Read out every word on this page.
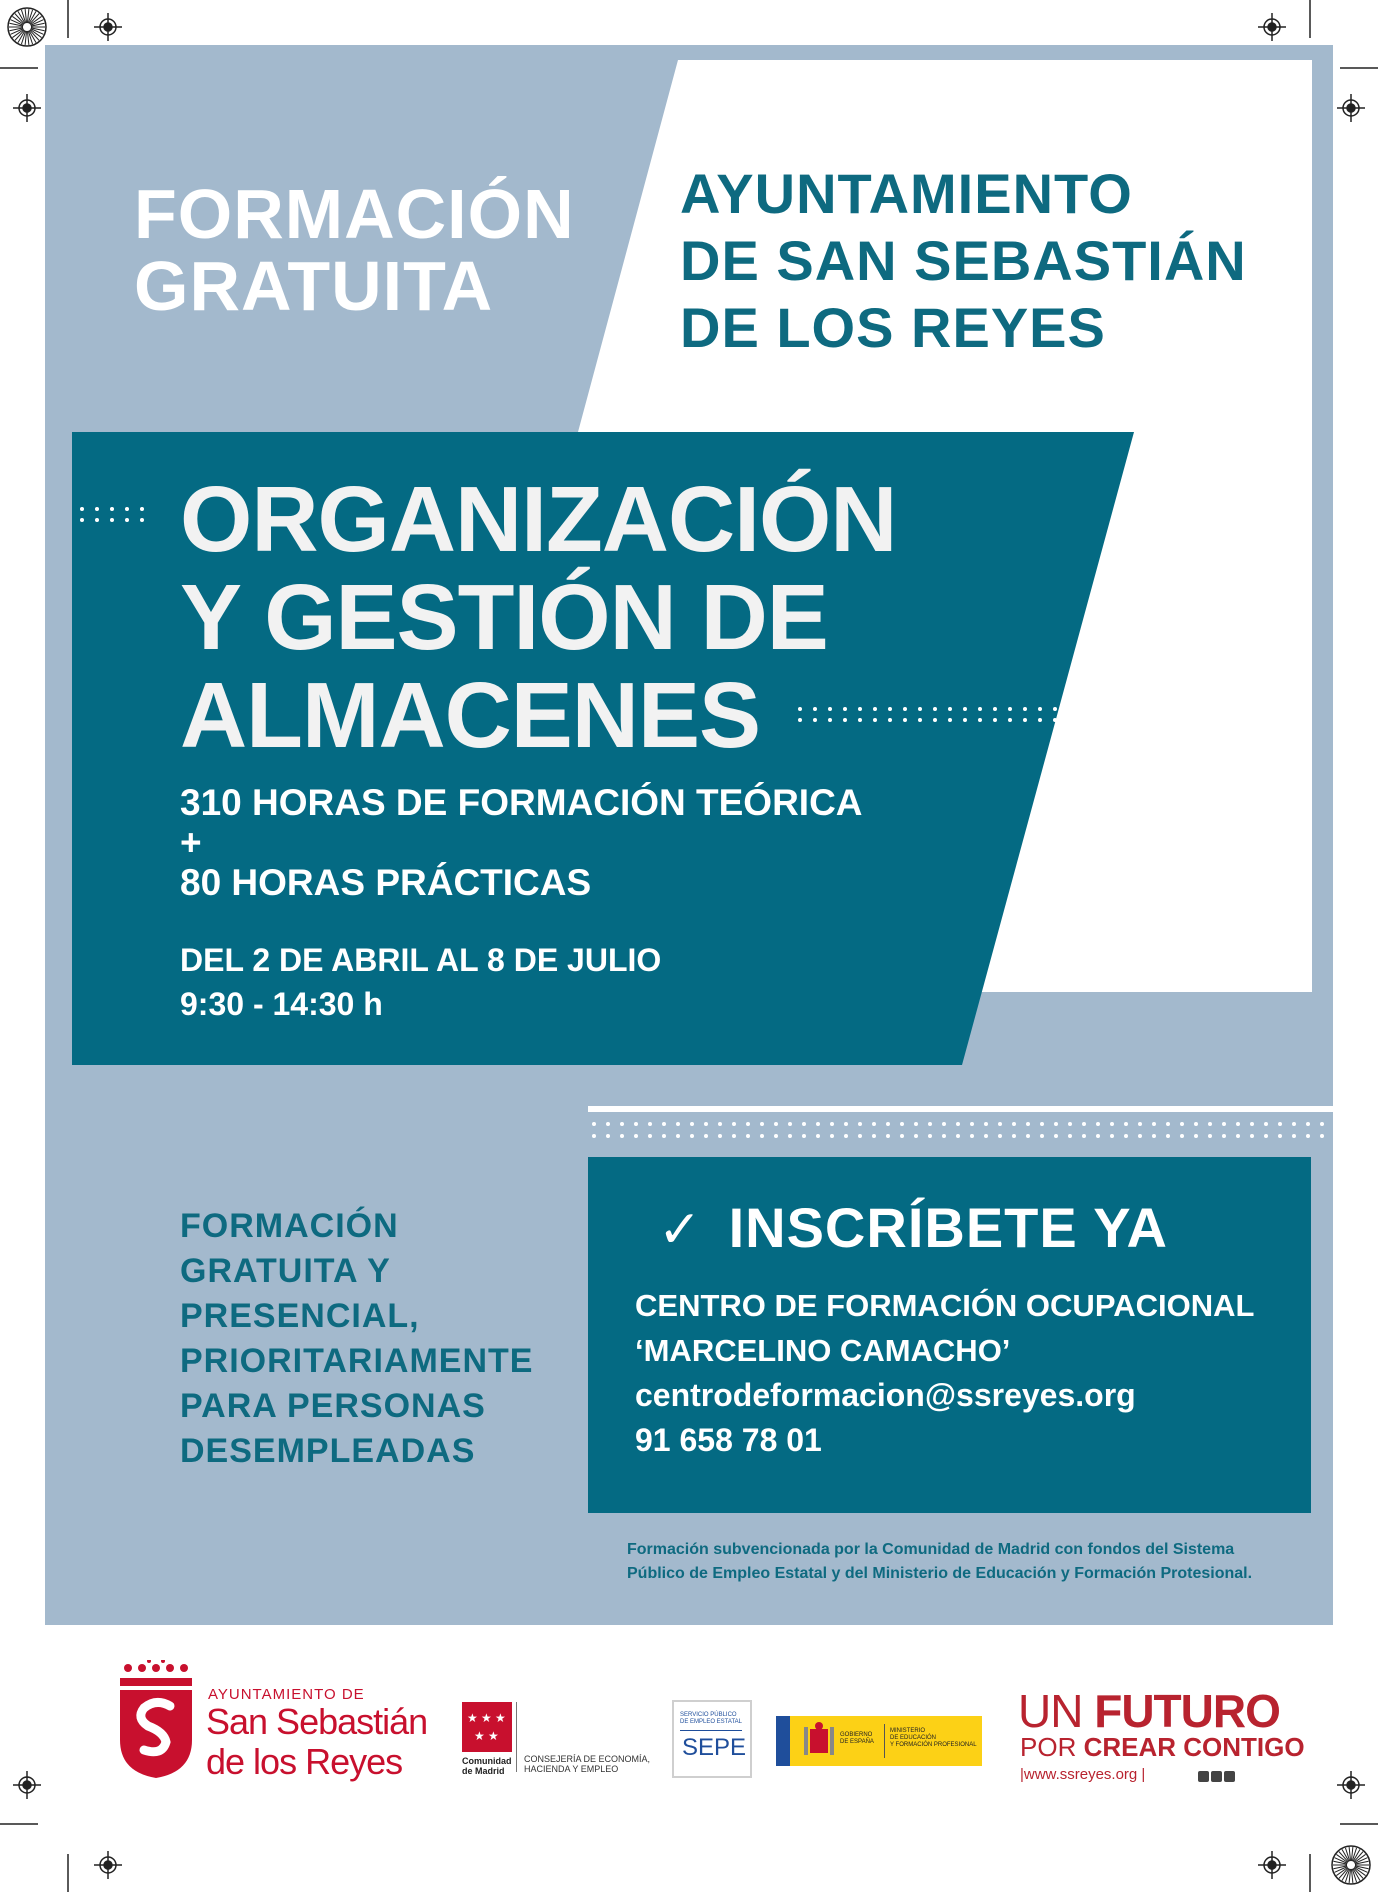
FORMACIÓN
GRATUITA
AYUNTAMIENTO
DE SAN SEBASTIÁN
DE LOS REYES
ORGANIZACIÓN
Y GESTIÓN DE
ALMACENES
310 HORAS DE FORMACIÓN TEÓRICA
+
80 HORAS PRÁCTICAS
DEL 2 DE ABRIL AL 8 DE JULIO
9:30 - 14:30 h
FORMACIÓN
GRATUITA Y
PRESENCIAL,
PRIORITARIAMENTE
PARA PERSONAS
DESEMPLEADAS
✓ INSCRÍBETE YA
CENTRO DE FORMACIÓN OCUPACIONAL
‘MARCELINO CAMACHO’
centrodeformacion@ssreyes.org
91 658 78 01
Formación subvencionada por la Comunidad de Madrid con fondos del Sistema
Público de Empleo Estatal y del Ministerio de Educación y Formación Protesional.
AYUNTAMIENTO DE
San Sebastián
de los Reyes
★ ★ ★
★ ★
Comunidad
de Madrid
CONSEJERÍA DE ECONOMÍA,
HACIENDA Y EMPLEO
SERVICIO PÚBLICO
DE EMPLEO ESTATAL
SEPE	GOBIERNO
DE ESPAÑA
MINISTERIO
DE EDUCACIÓN
Y FORMACIÓN PROFESIONAL
UN FUTURO
POR CREAR CONTIGO
|www.ssreyes.org |
